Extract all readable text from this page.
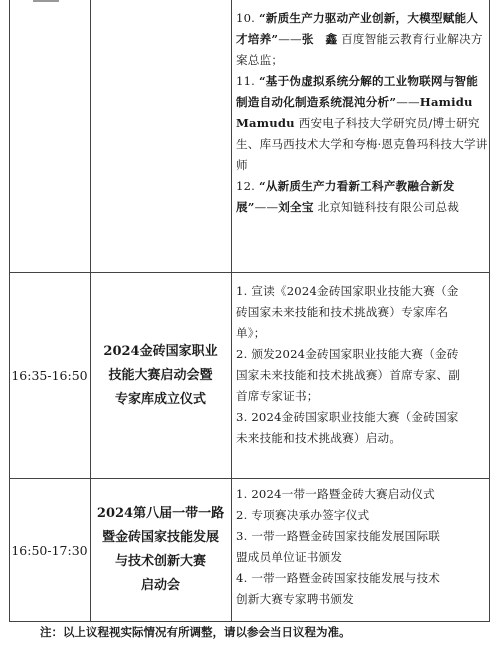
10. “新质生产力驱动产业创新，大模型赋能人才培养”——张　鑫 百度智能云教育行业解决方案总监；

11. “基于伪虚拟系统分解的工业物联网与智能制造自动化制造系统混沌分析”——Hamidu Mamudu 西安电子科技大学研究员/博士研究生、库马西技术大学和夸梅·恩克鲁玛科技大学讲师

12. “从新质生产力看新工科产教融合新发展”——刘全宝 北京知链科技有限公司总裁

16:35-16:50
2024金砖国家职业
技能大赛启动会暨
专家库成立仪式

1. 宣读《2024金砖国家职业技能大赛（金

砖国家未来技能和技术挑战赛）专家库名

单》；

2. 颁发2024金砖国家职业技能大赛（金砖

国家未来技能和技术挑战赛）首席专家、副

首席专家证书；

3. 2024金砖国家职业技能大赛（金砖国家

未来技能和技术挑战赛）启动。

16:50-17:30
2024第八届一带一路
暨金砖国家技能发展
与技术创新大赛
启动会

1. 2024一带一路暨金砖大赛启动仪式

2. 专项赛决承办签字仪式

3. 一带一路暨金砖国家技能发展国际联

盟成员单位证书颁发

4. 一带一路暨金砖国家技能发展与技术

创新大赛专家聘书颁发

注：以上议程视实际情况有所调整，请以参会当日议程为准。
